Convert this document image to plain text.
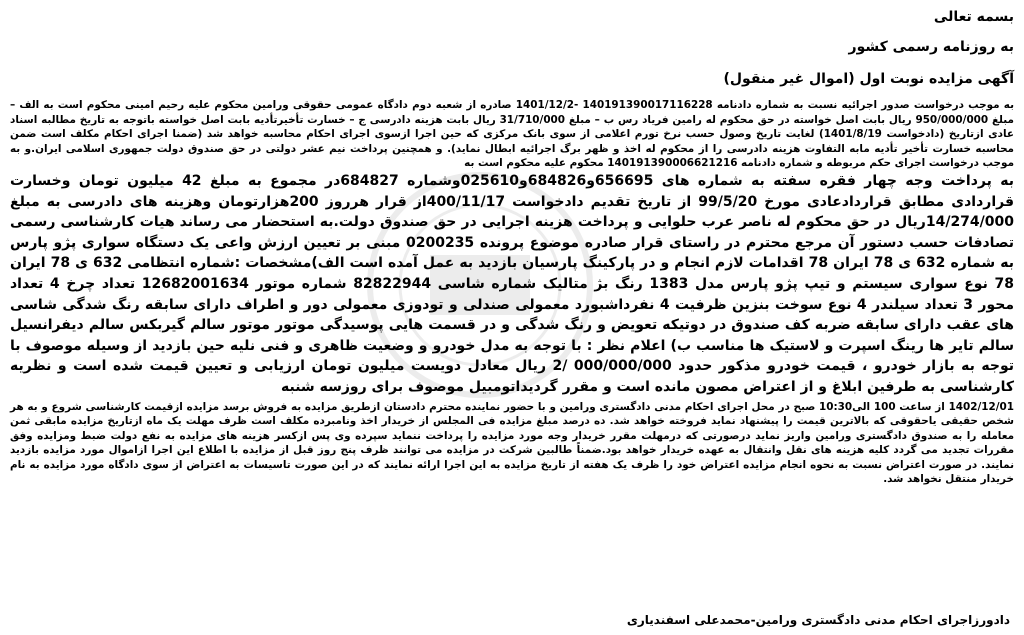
بسمه تعالی

به روزنامه رسمی کشور

آگهی مزایده نوبت اول (اموال غیر منقول)

به موجب درخواست صدور اجرائیه نسبت به شماره دادنامه 140191390017116228 -1401/12/2 صادره از شعبه دوم دادگاه عمومی حقوقی ورامین محکوم علیه رحیم امینی محکوم است به الف – مبلغ 950/000/000 ریال بابت اصل خواسته در حق محکوم له رامین فریاد رس ب – مبلغ 31/710/000 ریال بابت هزینه دادرسی ج – خسارت تأخیرتأدیه بابت اصل خواسته باتوجه به تاریخ مطالبه اسناد عادی ازتاریخ (دادخواست 1401/8/19) لغایت تاریخ وصول حسب نرخ تورم اعلامی از سوی بانک مرکزی که حین اجرا ازسوی اجرای احکام محاسبه خواهد شد (ضمنا اجرای احکام مکلف است ضمن محاسبه خسارت تأخیر تأدیه مابه التفاوت هزینه دادرسی را از محکوم له اخذ و ظهر برگ اجرائیه ابطال نماید). و همچنین پرداخت نیم عشر دولتی در حق صندوق دولت جمهوری اسلامی ایران.و به موجب درخواست اجرای حکم مربوطه و شماره دادنامه 140191390006621216 محکوم علیه محکوم است به

به پرداخت وجه چهار فقره سفته به شماره های 656695و684826و025610وشماره 684827در مجموع به مبلغ 42 میلیون تومان وخسارت قراردادی مطابق قراردادعادی مورخ 99/5/20 از تاریخ تقدیم دادخواست 400/11/17از قرار هرروز 200هزارتومان وهزینه های دادرسی به مبلغ 14/274/000ریال در حق محکوم له ناصر عرب حلوایی و پرداخت هزینه اجرایی در حق صندوق دولت.به استحضار می رساند هیات کارشناسی رسمی تصادفات حسب دستور آن مرجع محترم در راستای قرار صادره موضوع پرونده 0200235 مبنی بر تعیین ارزش واعی یک دستگاه سواری پژو پارس به شماره 632 ی 78 ایران 78 اقدامات لازم انجام و در پارکینگ پارسیان بازدید به عمل آمده است الف)مشخصات :شماره انتظامی 632 ی 78 ایران 78 نوع سواری سیستم و تیپ پژو پارس مدل 1383 رنگ بژ متالیک شماره شاسی 82822944 شماره موتور 12682001634 تعداد چرخ 4 تعداد محور 3 تعداد سیلندر 4 نوع سوخت بنزین ظرفیت 4 نفرداشبورد معمولی صندلی و تودوزی معمولی دور و اطراف دارای سابقه رنگ شدگی شاسی های عقب دارای سابقه ضربه کف صندوق در دوتیکه تعویض و رنگ شدگی و در قسمت هایی پوسیدگی موتور موتور سالم گیربکس سالم دیفرانسیل سالم تایر ها رینگ اسپرت و لاستیک ها مناسب ب) اعلام نظر : با توجه به مدل خودرو و وضعیت ظاهری و فنی نلیه حین بازدید از وسیله موصوف با توجه به بازار خودرو ، قیمت خودرو مذکور حدود 000/000/000 /2 ریال معادل دویست میلیون تومان ارزیابی و تعیین قیمت شده است و نظریه کارشناسی به طرفین ابلاغ و از اعتراض مصون مانده است و مقرر گردیداتومبیل موصوف برای روزسه شنبه

1402/12/01 از ساعت 100 الی10:30 صبح در محل اجرای احکام مدنی دادگستری ورامین و با حضور نماینده محترم دادستان ازطریق مزایده به فروش برسد مزایده ازقیمت کارشناسی شروع و به هر شخص حقیقی یاحقوقی که بالاترین قیمت را پیشنهاد نماید فروخته خواهد شد. ده درصد مبلغ مزایده فی المجلس از خریدار اخذ ونامبرده مکلف است ظرف مهلت یک ماه ازتاریخ مزایده مابقی ثمن معامله را به صندوق دادگستری ورامین واریز نماید درصورتی که درمهلت مقرر خریدار وجه مورد مزایده را پرداخت ننماید سپرده وی پس ازکسر هزینه های مزایده به نفع دولت ضبط ومزایده وفق مقررات تجدید می گردد کلیه هزینه های نقل وانتقال به عهده خریدار خواهد بود.ضمناً طالبین شرکت در مزایده می توانند ظرف پنج روز قبل از مزایده با اطلاع این اجرا ازاموال مورد مزایده بازدید نمایند. در صورت اعتراض نسبت به نحوه انجام مزایده اعتراض خود را ظرف یک هفته از تاریخ مزایده به این اجرا ارائه نمایند که در این صورت تاسیسات به اعتراض از سوی دادگاه مورد مزایده به نام خریدار منتقل نخواهد شد.

دادورزاجرای احکام مدنی دادگستری ورامین-محمدعلی اسفندیاری
